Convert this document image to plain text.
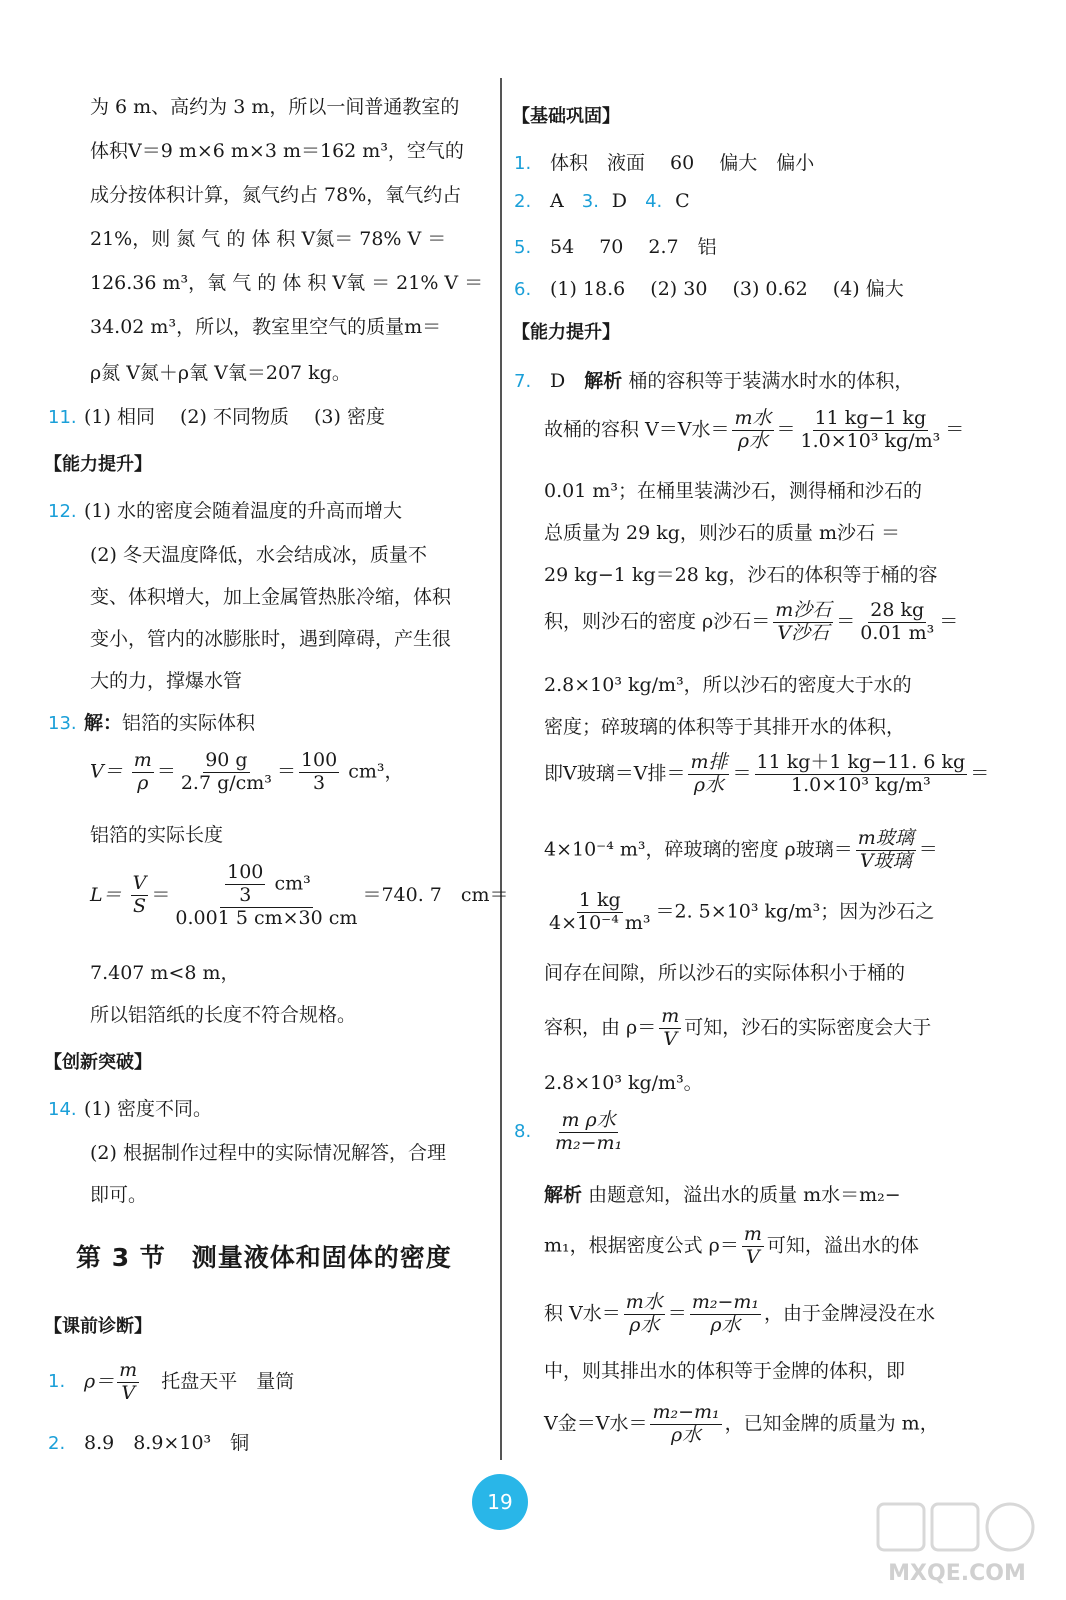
为 6 m、高约为 3 m，所以一间普通教室的
体积V＝9 m×6 m×3 m＝162 m³，空气的
成分按体积计算，氮气约占 78%，氧气约占
21%，则 氮 气 的 体 积 V氮＝ 78% V ＝
126.36 m³，氧 气 的 体 积 V氧 ＝ 21% V ＝
34.02 m³，所以，教室里空气的质量m＝
ρ氮 V氮＋ρ氧 V氧＝207 kg。
11. (1) 相同　 (2) 不同物质　 (3) 密度
【能力提升】
12. (1) 水的密度会随着温度的升高而增大
(2) 冬天温度降低，水会结成冰，质量不
变、体积增大，加上金属管热胀冷缩，体积
变小，管内的冰膨胀时，遇到障碍，产生很
大的力，撑爆水管
13. 解：铝箔的实际体积
$V= \frac{m}{\rho} = \frac{90 g}{\text{2.7 g/cm³}} = \frac{100}{3} cm^3$，
铝箔的实际长度
$L= \frac{V}{S} = \frac{\frac{100}{3} cm^3}{0.001 5 cm\times 30 cm} =740$. 7　cm＝
7.407 m<8 m，
所以铝箔纸的长度不符合规格。
【创新突破】
14. (1) 密度不同。
(2) 根据制作过程中的实际情况解答，合理
即可。
第 3 节　测量液体和固体的密度
【课前诊断】
1. $\rho= \frac{m}{V}$
　 托盘天平　量筒
2. 8.9　8.9×10³　铜
【基础巩固】
1. 体积　液面　 60　 偏大　偏小
2. A 3. D 4. C
5. 54　 70　 2.7　铝
6. (1) 18.6　 (2) 30　 (3) 0.62　 (4) 偏大
【能力提升】
7. D　 解析 桶的容积等于装满水时水的体积，
故桶的容积 V＝V水＝ $\frac{\text{m水}}{\text{ρ水}} = \frac{11 kg-1 kg}{\text{1.0×10³ kg/m³}}$ ＝
0.01 m³；在桶里装满沙石，测得桶和沙石的
总质量为 29 kg，则沙石的质量 m沙石 ＝
29 kg−1 kg＝28 kg，沙石的体积等于桶的容
积，则沙石的密度 ρ沙石＝ $\frac{\text{m沙石}}{\text{V沙石}} = \frac{28 kg}{\text{0.01 m³}}$ ＝
2.8×10³ kg/m³，所以沙石的密度大于水的
密度；碎玻璃的体积等于其排开水的体积，
即V玻璃＝V排＝ $\frac{\text{m排}}{\text{ρ水}} = \frac{11 kg+1 kg-11. 6 kg}{\text{1.0×10³ kg/m³}}$ ＝
4×10⁻⁴ m³，碎玻璃的密度 ρ玻璃＝ $\frac{\text{m玻璃}}{\text{V玻璃}}$ ＝
$\frac{1 kg}{\text{4×10⁻⁴ m³}} =2$. 5×10³ kg/m³；因为沙石之
间存在间隙，所以沙石的实际体积小于桶的
容积，由 $\rho= \frac{m}{V}$ 可知，沙石的实际密度会大于
2.8×10³ kg/m³。
8. $\frac{\text{m ρ水}}{\text{m₂−m₁}}$
解析 由题意知，溢出水的质量 m水＝m₂−
m₁，根据密度公式 $\rho= \frac{m}{V}$ 可知，溢出水的体
积 V水＝ $\frac{\text{m水}}{\text{ρ水}} = \frac{\text{m₂−m₁}}{\text{ρ水}}$ ，由于金牌浸没在水
中，则其排出水的体积等于金牌的体积，即
V金＝V水＝ $\frac{\text{m₂−m₁}}{\text{ρ水}}$ ，已知金牌的质量为 m，
19
MXQE.COM
